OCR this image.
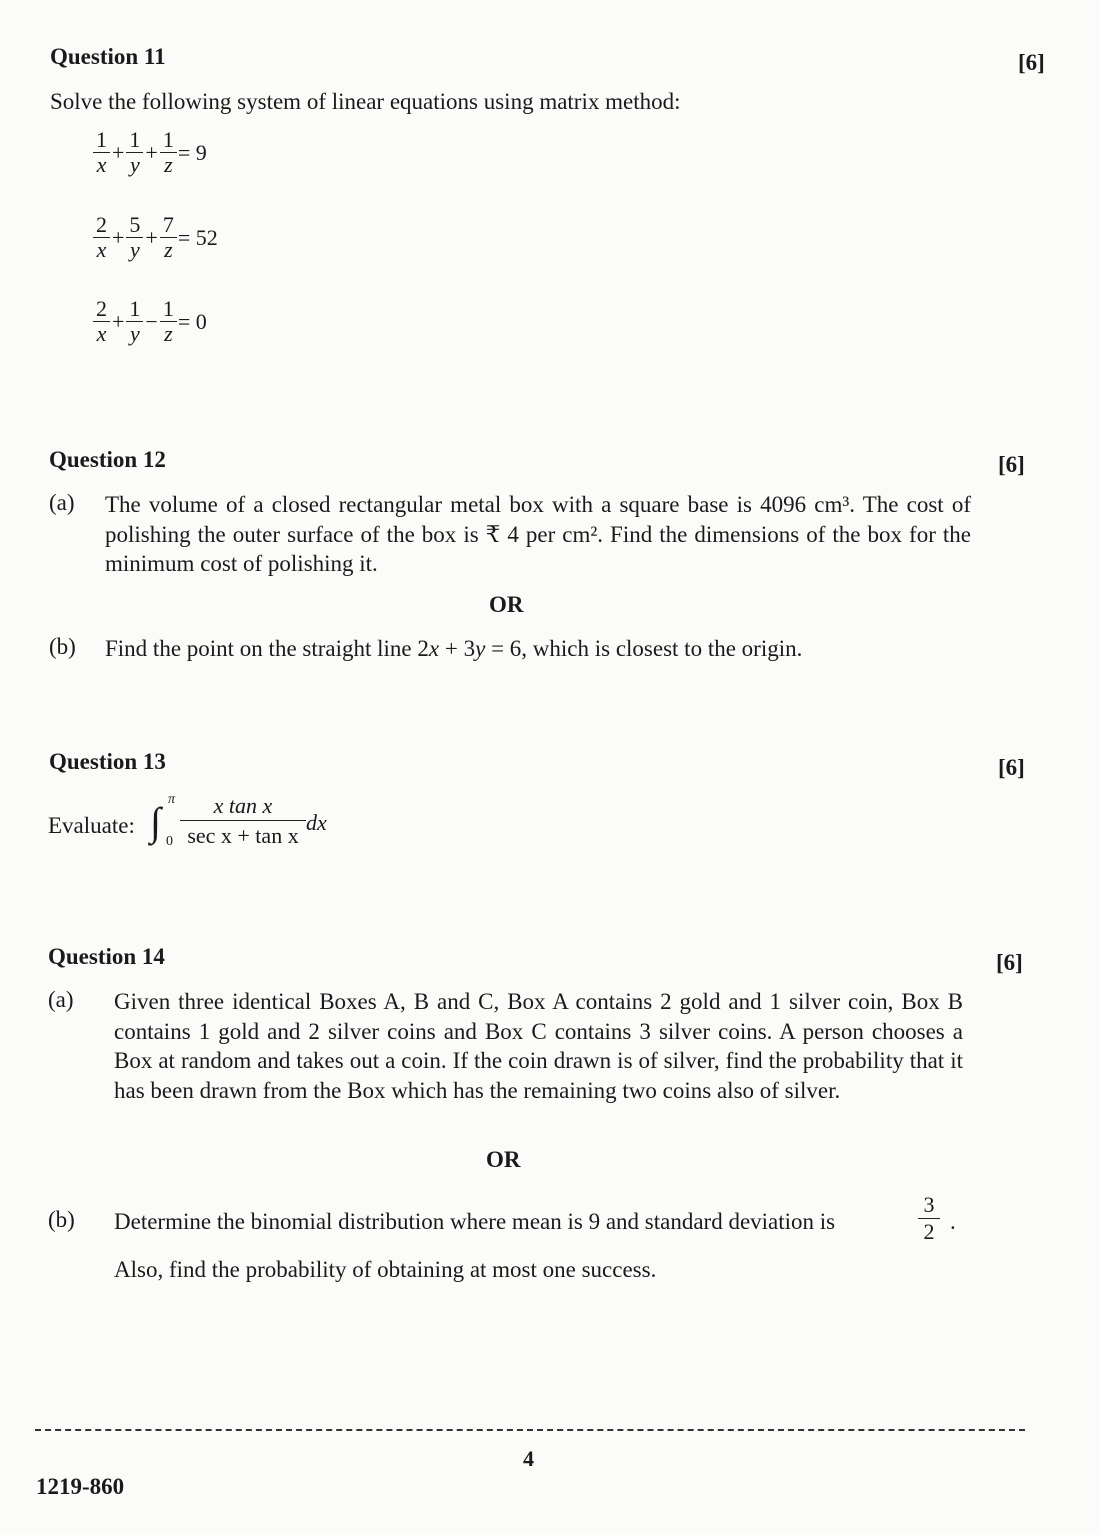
Question 11	[6]
Solve the following system of linear equations using matrix method:
$\frac{1}{x} + \frac{1}{y} + \frac{1}{z} = 9$
$\frac{2}{x} + \frac{5}{y} + \frac{7}{z} = 52$
$\frac{2}{x} + \frac{1}{y} - \frac{1}{z} = 0$
Question 12	[6]
(a) The volume of a closed rectangular metal box with a square base is 4096 cm³. The cost of polishing the outer surface of the box is ₹ 4 per cm². Find the dimensions of the box for the minimum cost of polishing it.
OR
(b) Find the point on the straight line 2x + 3y = 6, which is closest to the origin.
Question 13	[6]
Evaluate: ∫ π
0
x tan x
sec x + tan x
dx
Question 14	[6]
(a) Given three identical Boxes A, B and C, Box A contains 2 gold and 1 silver coin, Box B contains 1 gold and 2 silver coins and Box C contains 3 silver coins. A person chooses a Box at random and takes out a coin. If the coin drawn is of silver, find the probability that it has been drawn from the Box which has the remaining two coins also of silver.
OR
(b) Determine the binomial distribution where mean is 9 and standard deviation is
3
2 .
Also, find the probability of obtaining at most one success.
4
1219-860
